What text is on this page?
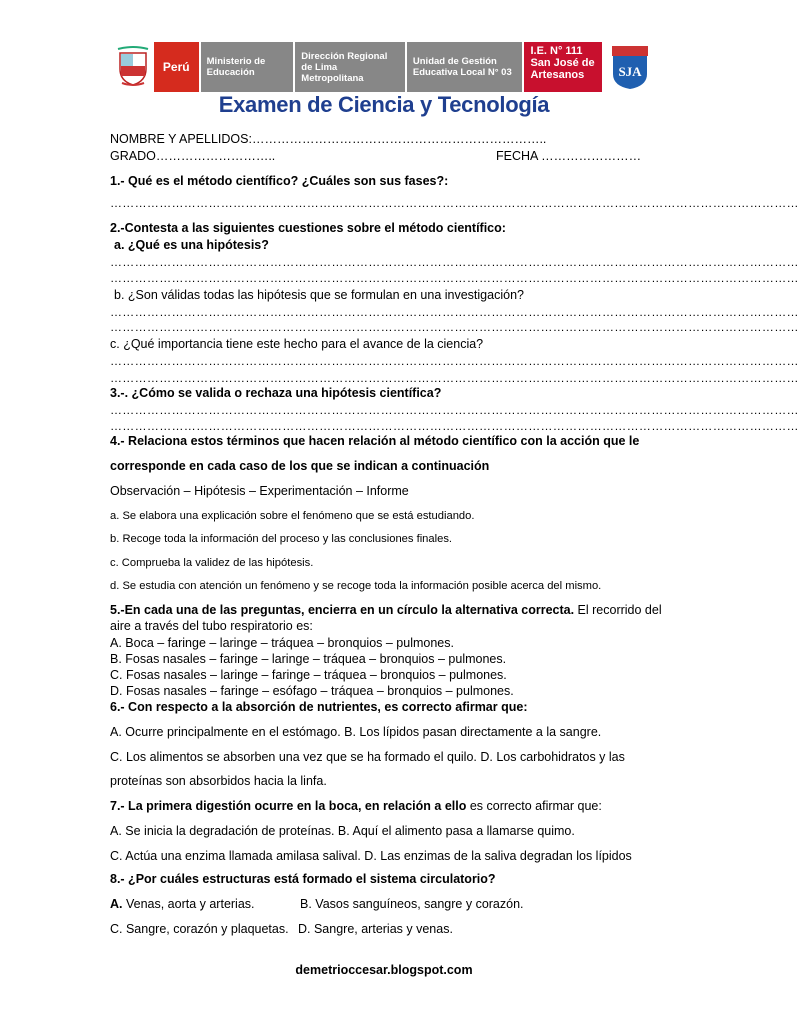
Perú	Ministerio de Educación
Dirección Regional de Lima Metropolitana
Unidad de Gestión Educativa Local N° 03
I.E. N° 111 San José de Artesanos	SJA
Examen de Ciencia y Tecnología
NOMBRE Y APELLIDOS:……………………………………………………………..
GRADO………………………..	FECHA ……………………
1.- Qué es el método científico? ¿Cuáles son sus fases?:
……………………………………………………………………………………………………………………………………………………
2.-Contesta a las siguientes cuestiones sobre el método científico:
a. ¿Qué es una hipótesis?
……………………………………………………………………………………………………………………………………………………
……………………………………………………………………………………………………………………………………………………
b. ¿Son válidas todas las hipótesis que se formulan en una investigación?
……………………………………………………………………………………………………………………………………………………
……………………………………………………………………………………………………………………………………………………
c. ¿Qué importancia tiene este hecho para el avance de la ciencia?
……………………………………………………………………………………………………………………………………………………
……………………………………………………………………………………………………………………………………………………
3.-. ¿Cómo se valida o rechaza una hipótesis científica?
……………………………………………………………………………………………………………………………………………………
……………………………………………………………………………………………………………………………………………………
4.- Relaciona estos términos que hacen relación al método científico con la acción que le
corresponde en cada caso de los que se indican a continuación
Observación – Hipótesis – Experimentación – Informe
a. Se elabora una explicación sobre el fenómeno que se está estudiando.
b. Recoge toda la información del proceso y las conclusiones finales.
c. Comprueba la validez de las hipótesis.
d. Se estudia con atención un fenómeno y se recoge toda la información posible acerca del mismo.
5.-En cada una de las preguntas, encierra en un círculo la alternativa correcta. El recorrido del
aire a través del tubo respiratorio es:
A. Boca – faringe – laringe – tráquea – bronquios – pulmones.
B. Fosas nasales – faringe – laringe – tráquea – bronquios – pulmones.
C. Fosas nasales – laringe – faringe – tráquea – bronquios – pulmones.
D. Fosas nasales – faringe – esófago – tráquea – bronquios – pulmones.
6.- Con respecto a la absorción de nutrientes, es correcto afirmar que:
A. Ocurre principalmente en el estómago. B. Los lípidos pasan directamente a la sangre.
C. Los alimentos se absorben una vez que se ha formado el quilo. D. Los carbohidratos y las
proteínas son absorbidos hacia la linfa.
7.- La primera digestión ocurre en la boca, en relación a ello es correcto afirmar que:
A. Se inicia la degradación de proteínas. B. Aquí el alimento pasa a llamarse quimo.
C. Actúa una enzima llamada amilasa salival. D. Las enzimas de la saliva degradan los lípidos
8.- ¿Por cuáles estructuras está formado el sistema circulatorio?
A. Venas, aorta y arterias.	B. Vasos sanguíneos, sangre y corazón.
C. Sangre, corazón y plaquetas. D. Sangre, arterias y venas.
demetrioccesar.blogspot.com
